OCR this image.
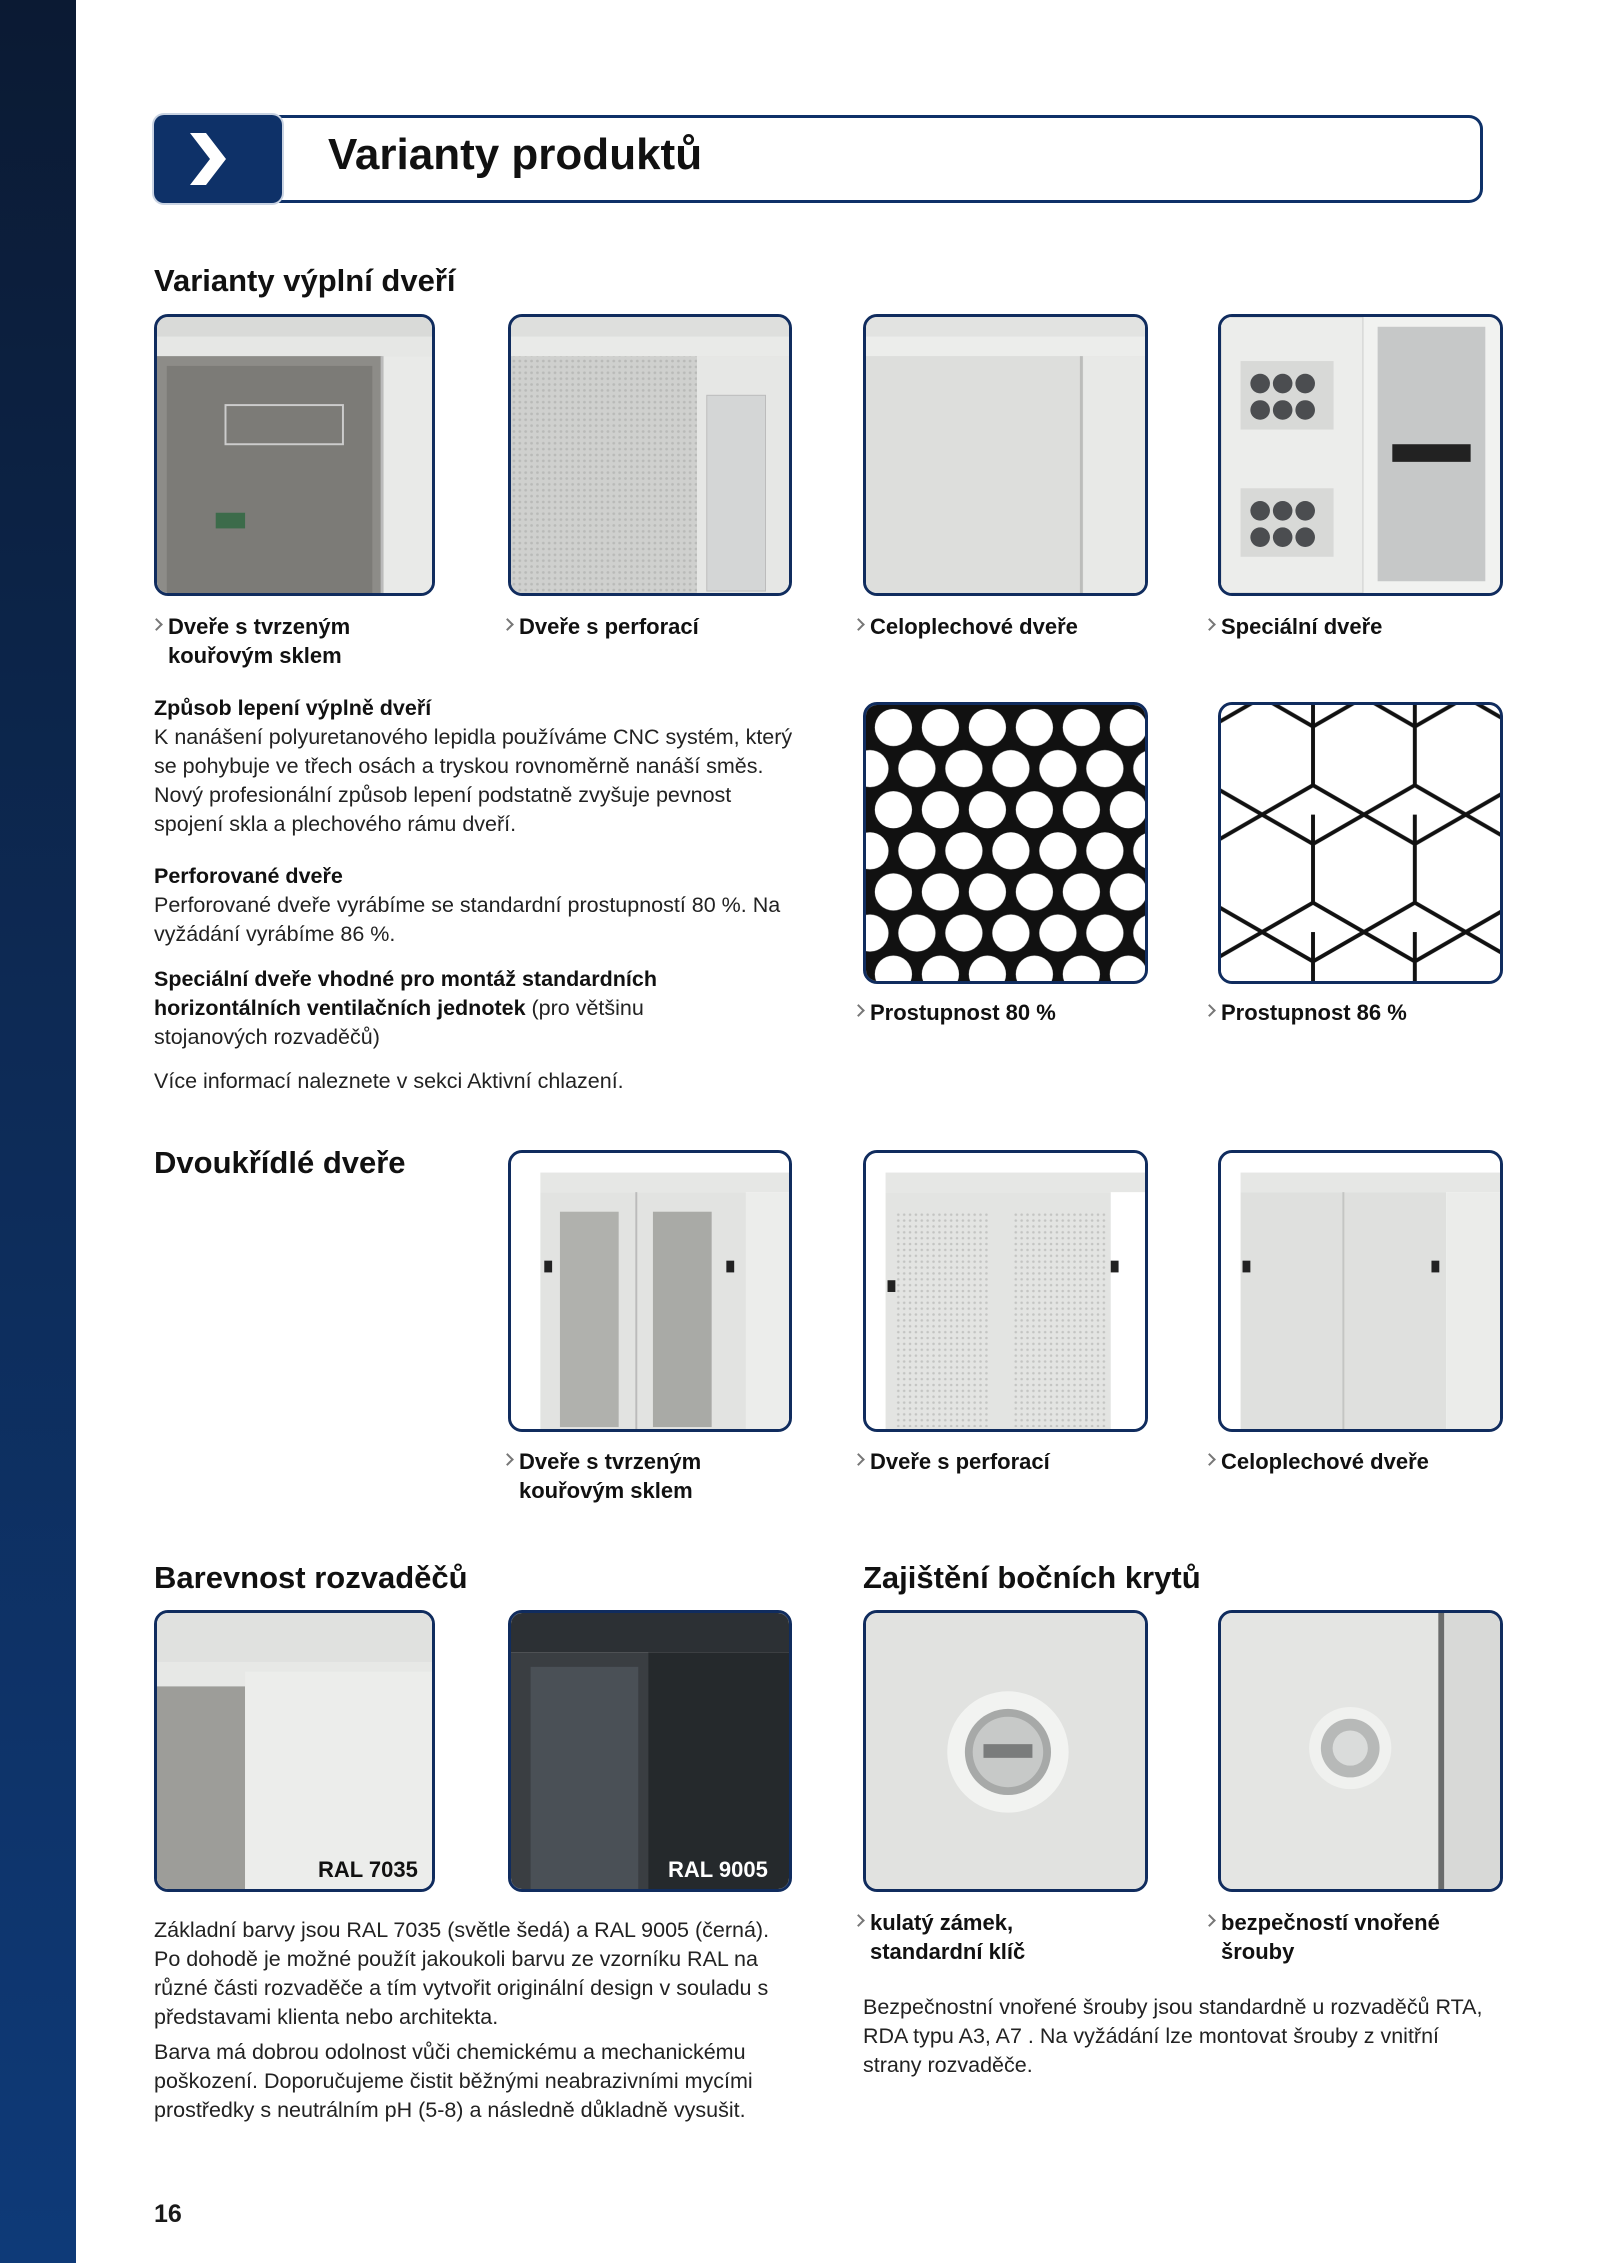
Varianty produktů
Varianty výplní dveří
Dveře s tvrzeným kouřovým sklem
Dveře s perforací	Celoplechové dveře	Speciální dveře

Způsob lepení výplně dveří
K nanášení polyuretanového lepidla používáme CNC systém, který se pohybuje ve třech osách a tryskou rovnoměrně nanáší směs. Nový profesionální způsob lepení podstatně zvyšuje pevnost spojení skla a plechového rámu dveří.

Perforované dveře
Perforované dveře vyrábíme se standardní prostupností 80 %. Na vyžádání vyrábíme 86 %.

Speciální dveře vhodné pro montáž standardních horizontálních ventilačních jednotek (pro většinu stojanových rozvaděčů)

Více informací naleznete v sekci Aktivní chlazení.

Prostupnost 80 %	Prostupnost 86 %
Dvoukřídlé dveře
Dveře s tvrzeným kouřovým sklem
Dveře s perforací	Celoplechové dveře
Barevnost rozvaděčů	Zajištění bočních krytů
RAL 7035	RAL 9005
kulatý zámek, standardní klíč
bezpečností vnořené šrouby

Základní barvy jsou RAL 7035 (světle šedá) a RAL 9005 (černá). Po dohodě je možné použít jakoukoli barvu ze vzorníku RAL na různé části rozvaděče a tím vytvořit originální design v souladu s představami klienta nebo architekta.

Barva má dobrou odolnost vůči chemickému a mechanickému poškození. Doporučujeme čistit běžnými neabrazivními mycími prostředky s neutrálním pH (5-8) a následně důkladně vysušit.

Bezpečnostní vnořené šrouby jsou standardně u rozvaděčů RTA, RDA typu A3, A7 . Na vyžádání lze montovat šrouby z vnitřní strany rozvaděče.

16
